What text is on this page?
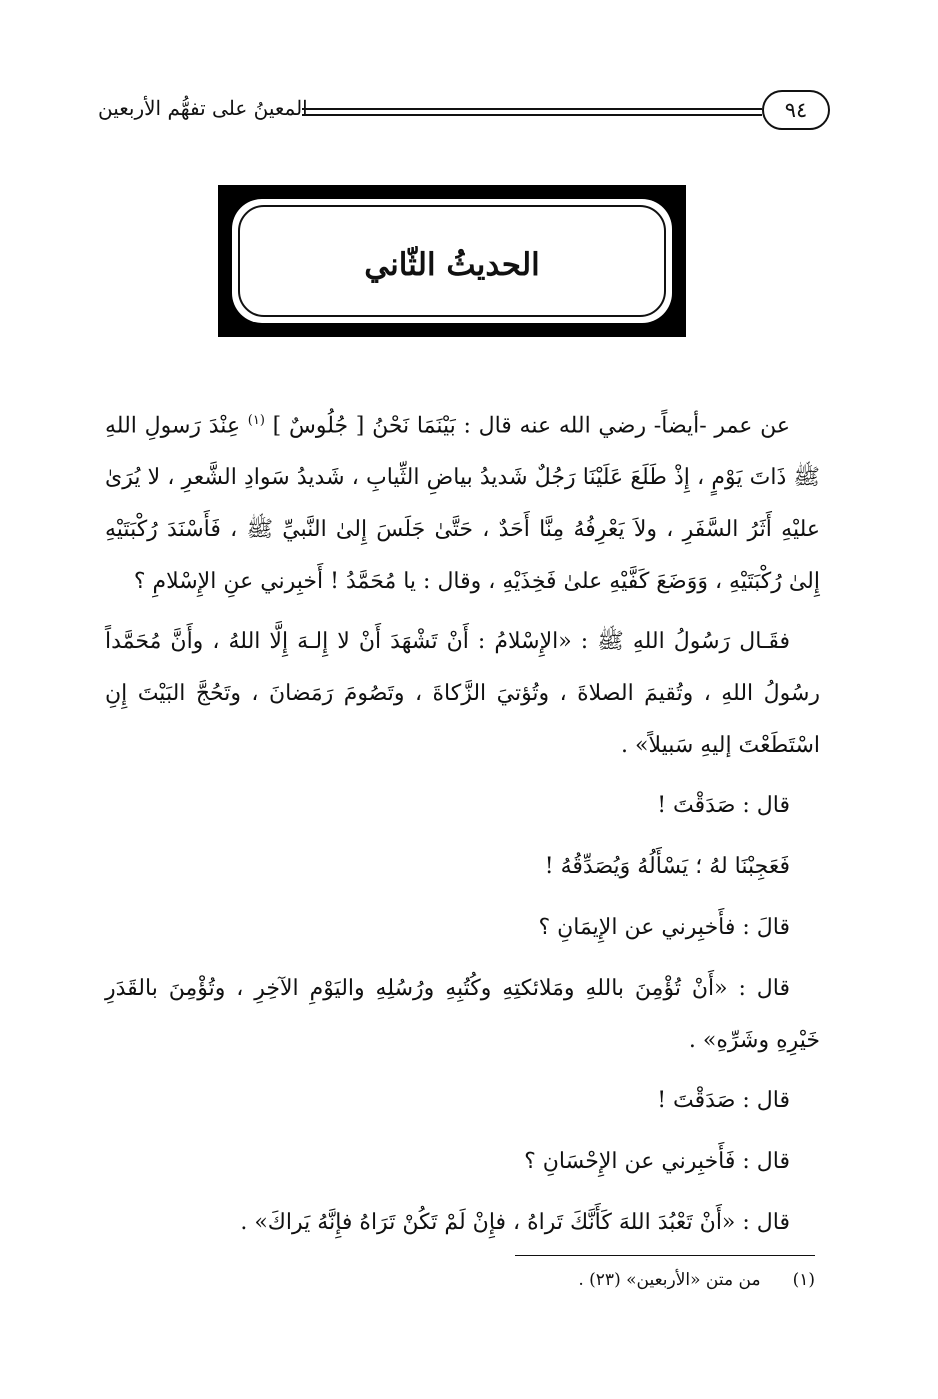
المعينُ على تفهُّم الأربعين	٩٤
الحديثُ الثّاني

عن عمر -أيضاً- رضي الله عنه قال : بَيْنَمَا نَحْنُ [ جُلُوسٌ ] $^{(١)}$ عِنْدَ رَسولِ اللهِ ﷺ ذَاتَ يَوْمٍ ، إِذْ طَلَعَ عَلَيْنَا رَجُلٌ شَديدُ بياضِ الثِّيابِ ، شَديدُ سَوادِ الشَّعرِ ، لا يُرَىٰ عليْهِ أَثَرُ السَّفَرِ ، ولاَ يَعْرِفُهُ مِنَّا أَحَدٌ ، حَتَّىٰ جَلَسَ إِلىٰ النَّبيِّ ﷺ ، فَأَسْنَدَ رُكْبَتَيْهِ إِلىٰ رُكْبَتَيْهِ ، وَوَضَعَ كَفَّيْهِ علىٰ فَخِذَيْهِ ، وقال : يا مُحَمَّدُ ! أَخبِرني عنِ الإِسْلامِ ؟

فقَـال رَسُولُ اللهِ ﷺ : «الإِسْلامُ : أَنْ تَشْهَدَ أَنْ لا إِلـهَ إِلَّا اللهُ ، وأَنَّ مُحَمَّداً رسُولُ اللهِ ، وتُقيمَ الصلاةَ ، وتُؤتيَ الزَّكاةَ ، وتَصُومَ رَمَضانَ ، وتَحُجَّ البَيْتَ إِنِ اسْتَطَعْتَ إليهِ سَبيلاً» .

قال : صَدَقْتَ !

فَعَجِبْنَا لهُ ؛ يَسْأَلُهُ وَيُصَدِّقُهُ !

قالَ : فأَخبِرني عن الإِيمَانِ ؟

قال : «أَنْ تُؤْمِنَ باللهِ ومَلائكتِهِ وكُتُبِهِ ورُسُلِهِ واليَوْمِ الآخِرِ ، وتُؤْمِنَ بالقَدَرِ خَيْرِهِ وشَرِّهِ» .

قال : صَدَقْتَ !

قال : فَأَخبِرني عن الإِحْسَانِ ؟

قال : «أَنْ تَعْبُدَ اللهَ كَأَنَّكَ تَراهُ ، فإِنْ لَمْ تَكُنْ تَرَاهُ فإِنَّهُ يَراكَ» .

(١)من متن «الأربعين» (٢٣) .
